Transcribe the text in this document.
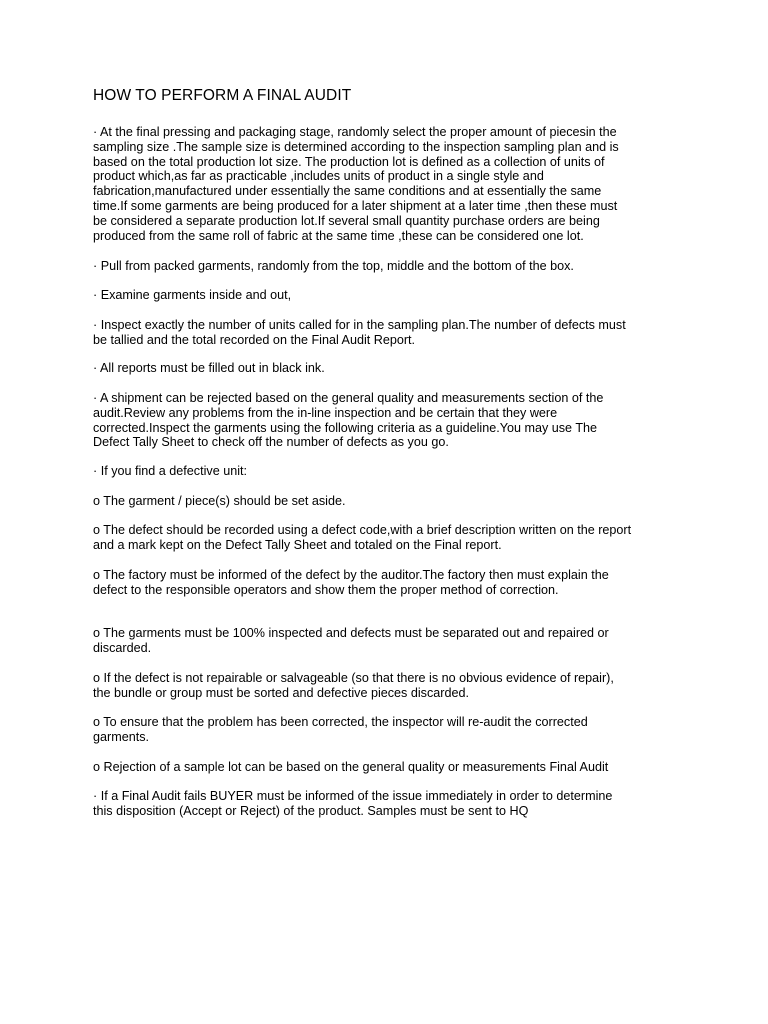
HOW TO PERFORM A FINAL AUDIT

· At the final pressing and packaging stage, randomly select the proper amount of piecesin the
sampling size .The sample size is determined according to the inspection sampling plan and is
based on the total production lot size. The production lot is defined as a collection of units of
product which,as far as practicable ,includes units of product in a single style and
fabrication,manufactured under essentially the same conditions and at essentially the same
time.If some garments are being produced for a later shipment at a later time ,then these must
be considered a separate production lot.If several small quantity purchase orders are being
produced from the same roll of fabric at the same time ,these can be considered one lot.

· Pull from packed garments, randomly from the top, middle and the bottom of the box.

· Examine garments inside and out,

· Inspect exactly the number of units called for in the sampling plan.The number of defects must
be tallied and the total recorded on the Final Audit Report.

· All reports must be filled out in black ink.

· A shipment can be rejected based on the general quality and measurements section of the
audit.Review any problems from the in-line inspection and be certain that they were
corrected.Inspect the garments using the following criteria as a guideline.You may use The
Defect Tally Sheet to check off the number of defects as you go.

· If you find a defective unit:

o The garment / piece(s) should be set aside.

o The defect should be recorded using a defect code,with a brief description written on the report
and a mark kept on the Defect Tally Sheet and totaled on the Final report.

o The factory must be informed of the defect by the auditor.The factory then must explain the
defect to the responsible operators and show them the proper method of correction.

o The garments must be 100% inspected and defects must be separated out and repaired or
discarded.

o If the defect is not repairable or salvageable (so that there is no obvious evidence of repair),
the bundle or group must be sorted and defective pieces discarded.

o To ensure that the problem has been corrected, the inspector will re-audit the corrected
garments.

o Rejection of a sample lot can be based on the general quality or measurements Final Audit

· If a Final Audit fails BUYER must be informed of the issue immediately in order to determine
this disposition (Accept or Reject) of the product. Samples must be sent to HQ
